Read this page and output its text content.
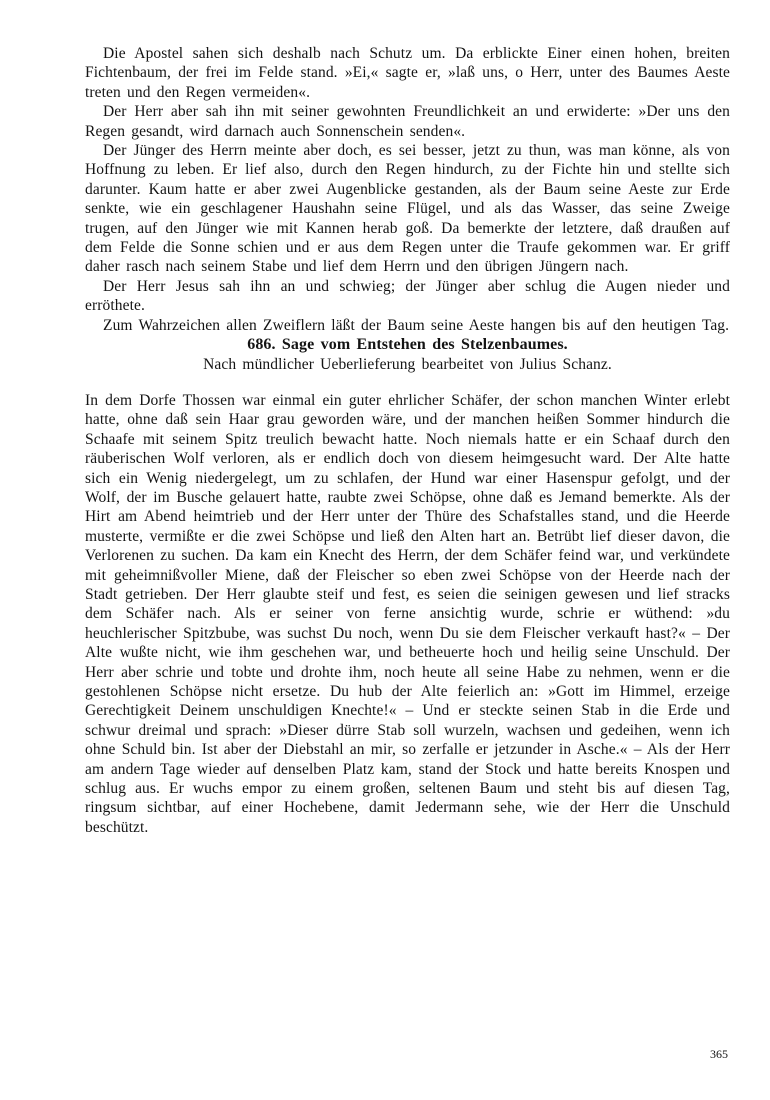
Die Apostel sahen sich deshalb nach Schutz um. Da erblickte Einer einen hohen, breiten Fichtenbaum, der frei im Felde stand. »Ei,« sagte er, »laß uns, o Herr, unter des Baumes Aeste treten und den Regen vermeiden«.

Der Herr aber sah ihn mit seiner gewohnten Freundlichkeit an und erwiderte: »Der uns den Regen gesandt, wird darnach auch Sonnenschein senden«.

Der Jünger des Herrn meinte aber doch, es sei besser, jetzt zu thun, was man könne, als von Hoffnung zu leben. Er lief also, durch den Regen hindurch, zu der Fichte hin und stellte sich darunter. Kaum hatte er aber zwei Augenblicke gestanden, als der Baum seine Aeste zur Erde senkte, wie ein geschlagener Haushahn seine Flügel, und als das Wasser, das seine Zweige trugen, auf den Jünger wie mit Kannen herab goß. Da bemerkte der letztere, daß draußen auf dem Felde die Sonne schien und er aus dem Regen unter die Traufe gekommen war. Er griff daher rasch nach seinem Stabe und lief dem Herrn und den übrigen Jüngern nach.

Der Herr Jesus sah ihn an und schwieg; der Jünger aber schlug die Augen nieder und erröthete.

Zum Wahrzeichen allen Zweiflern läßt der Baum seine Aeste hangen bis auf den heutigen Tag.

686. Sage vom Entstehen des Stelzenbaumes.

Nach mündlicher Ueberlieferung bearbeitet von Julius Schanz.

In dem Dorfe Thossen war einmal ein guter ehrlicher Schäfer, der schon manchen Winter erlebt hatte, ohne daß sein Haar grau geworden wäre, und der manchen heißen Sommer hindurch die Schaafe mit seinem Spitz treulich bewacht hatte. Noch niemals hatte er ein Schaaf durch den räuberischen Wolf verloren, als er endlich doch von diesem heimgesucht ward. Der Alte hatte sich ein Wenig niedergelegt, um zu schlafen, der Hund war einer Hasenspur gefolgt, und der Wolf, der im Busche gelauert hatte, raubte zwei Schöpse, ohne daß es Jemand bemerkte. Als der Hirt am Abend heimtrieb und der Herr unter der Thüre des Schafstalles stand, und die Heerde musterte, vermißte er die zwei Schöpse und ließ den Alten hart an. Betrübt lief dieser davon, die Verlorenen zu suchen. Da kam ein Knecht des Herrn, der dem Schäfer feind war, und verkündete mit geheimnißvoller Miene, daß der Fleischer so eben zwei Schöpse von der Heerde nach der Stadt getrieben. Der Herr glaubte steif und fest, es seien die seinigen gewesen und lief stracks dem Schäfer nach. Als er seiner von ferne ansichtig wurde, schrie er wüthend: »du heuchlerischer Spitzbube, was suchst Du noch, wenn Du sie dem Fleischer verkauft hast?« – Der Alte wußte nicht, wie ihm geschehen war, und betheuerte hoch und heilig seine Unschuld. Der Herr aber schrie und tobte und drohte ihm, noch heute all seine Habe zu nehmen, wenn er die gestohlenen Schöpse nicht ersetze. Du hub der Alte feierlich an: »Gott im Himmel, erzeige Gerechtigkeit Deinem unschuldigen Knechte!« – Und er steckte seinen Stab in die Erde und schwur dreimal und sprach: »Dieser dürre Stab soll wurzeln, wachsen und gedeihen, wenn ich ohne Schuld bin. Ist aber der Diebstahl an mir, so zerfalle er jetzunder in Asche.« – Als der Herr am andern Tage wieder auf denselben Platz kam, stand der Stock und hatte bereits Knospen und schlug aus. Er wuchs empor zu einem großen, seltenen Baum und steht bis auf diesen Tag, ringsum sichtbar, auf einer Hochebene, damit Jedermann sehe, wie der Herr die Unschuld beschützt.

365
